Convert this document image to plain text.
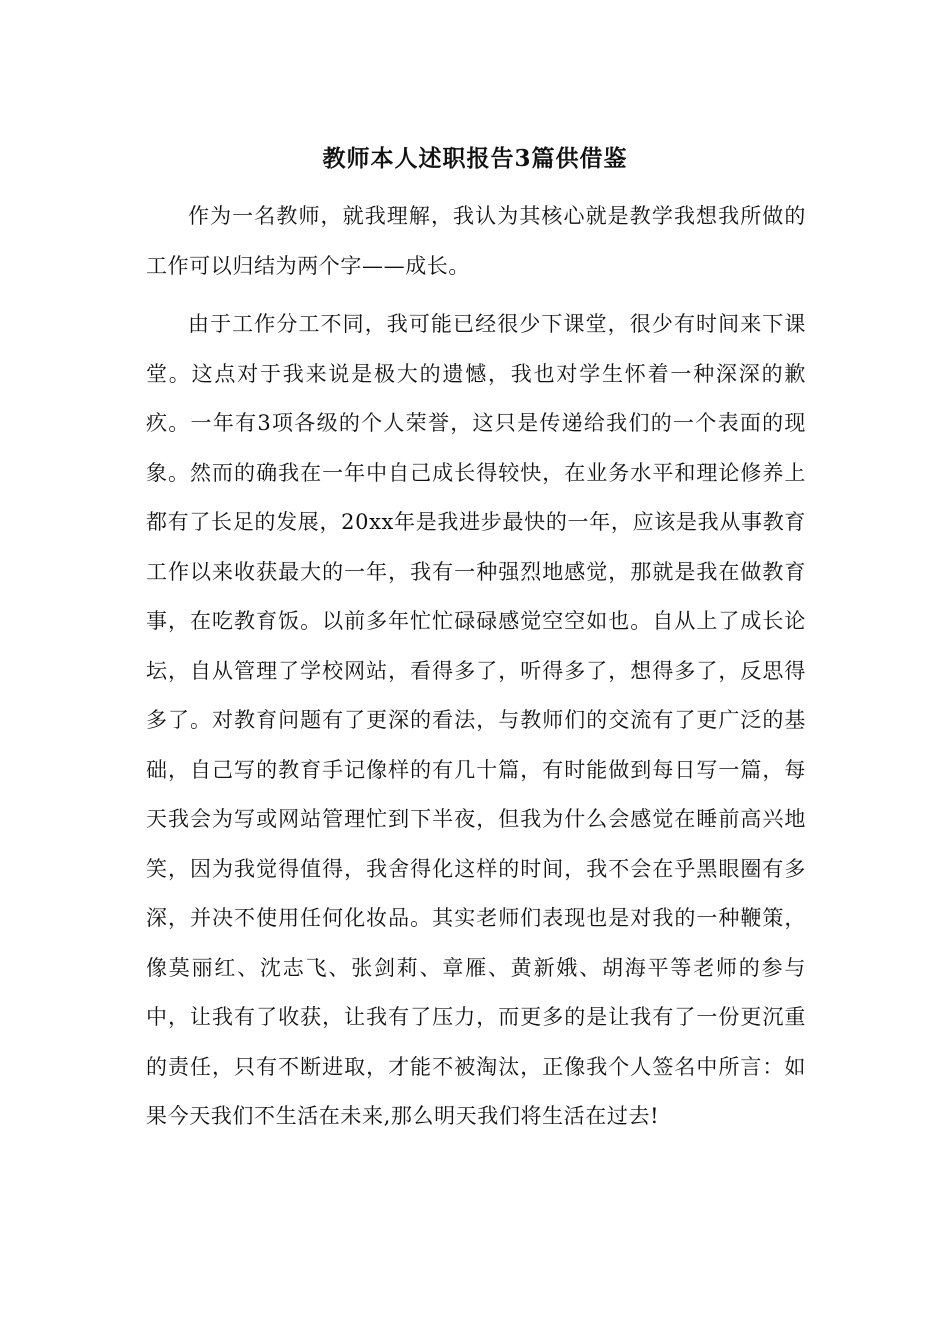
教师本人述职报告3篇供借鉴

作为一名教师，就我理解，我认为其核心就是教学我想我所做的工作可以归结为两个字——成长。

由于工作分工不同，我可能已经很少下课堂，很少有时间来下课堂。这点对于我来说是极大的遗憾，我也对学生怀着一种深深的歉疚。一年有3项各级的个人荣誉，这只是传递给我们的一个表面的现象。然而的确我在一年中自己成长得较快，在业务水平和理论修养上都有了长足的发展，20xx年是我进步最快的一年，应该是我从事教育工作以来收获最大的一年，我有一种强烈地感觉，那就是我在做教育事，在吃教育饭。以前多年忙忙碌碌感觉空空如也。自从上了成长论坛，自从管理了学校网站，看得多了，听得多了，想得多了，反思得多了。对教育问题有了更深的看法，与教师们的交流有了更广泛的基础，自己写的教育手记像样的有几十篇，有时能做到每日写一篇，每天我会为写或网站管理忙到下半夜，但我为什么会感觉在睡前高兴地笑，因为我觉得值得，我舍得化这样的时间，我不会在乎黑眼圈有多深，并决不使用任何化妆品。其实老师们表现也是对我的一种鞭策，像莫丽红、沈志飞、张剑莉、章雁、黄新娥、胡海平等老师的参与中，让我有了收获，让我有了压力，而更多的是让我有了一份更沉重的责任，只有不断进取，才能不被淘汰，正像我个人签名中所言：如果今天我们不生活在未来,那么明天我们将生活在过去!
